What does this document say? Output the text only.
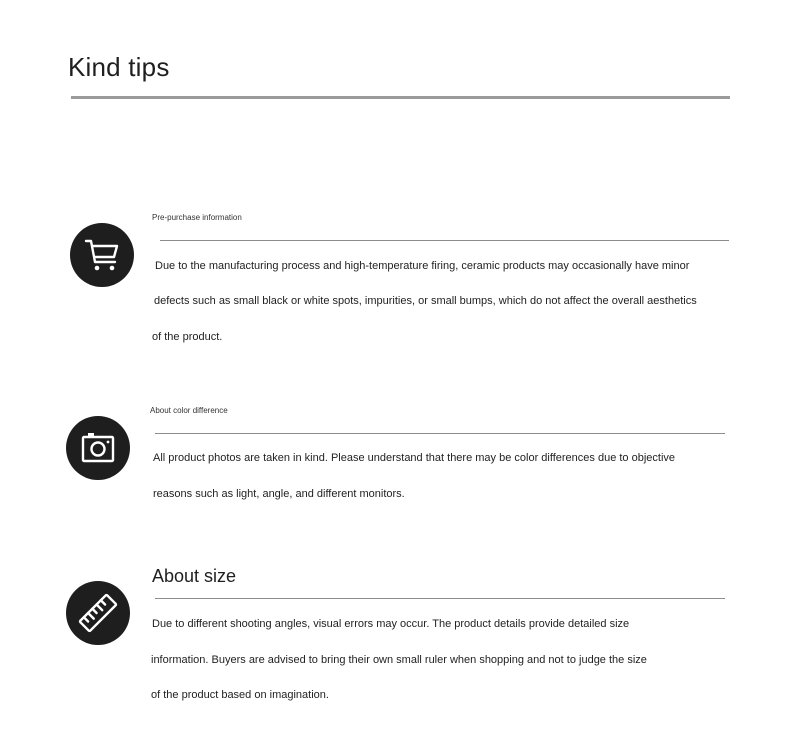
Kind tips
Pre-purchase information
Due to the manufacturing process and high-temperature firing, ceramic products may occasionally have minor
defects such as small black or white spots, impurities, or small bumps, which do not affect the overall aesthetics
of the product.
About color difference
All product photos are taken in kind. Please understand that there may be color differences due to objective
reasons such as light, angle, and different monitors.
About size
Due to different shooting angles, visual errors may occur. The product details provide detailed size
information. Buyers are advised to bring their own small ruler when shopping and not to judge the size
of the product based on imagination.
